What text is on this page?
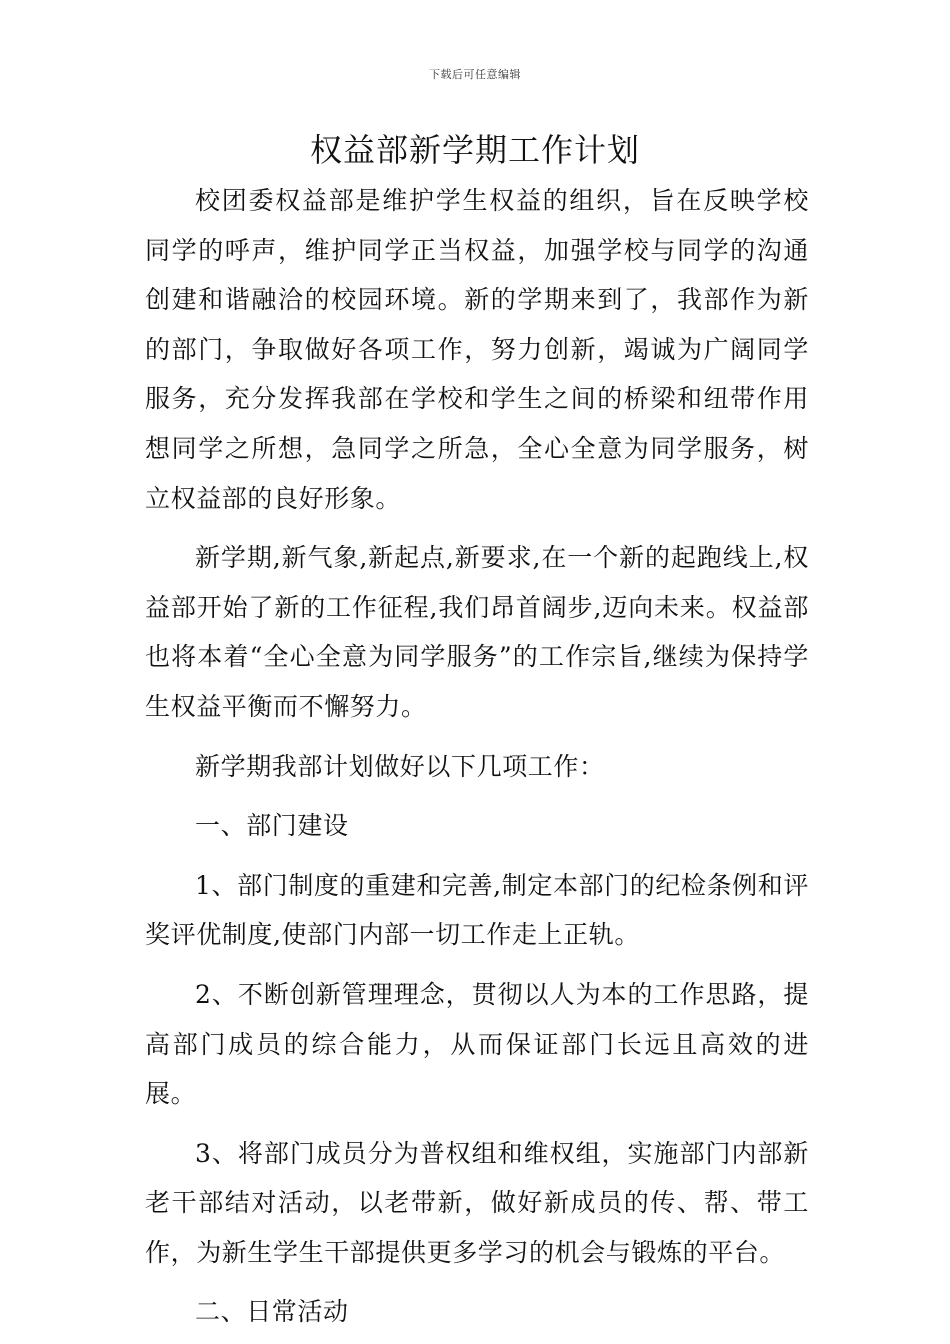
下载后可任意编辑
权益部新学期工作计划

校团委权益部是维护学生权益的组织，旨在反映学校同学的呼声，维护同学正当权益，加强学校与同学的沟通创建和谐融洽的校园环境。新的学期来到了，我部作为新的部门，争取做好各项工作，努力创新，竭诚为广阔同学服务，充分发挥我部在学校和学生之间的桥梁和纽带作用想同学之所想，急同学之所急，全心全意为同学服务，树立权益部的良好形象。

新学期,新气象,新起点,新要求,在一个新的起跑线上,权益部开始了新的工作征程,我们昂首阔步,迈向未来。权益部也将本着“全心全意为同学服务”的工作宗旨,继续为保持学生权益平衡而不懈努力。

新学期我部计划做好以下几项工作：

一、部门建设

1、部门制度的重建和完善,制定本部门的纪检条例和评奖评优制度,使部门内部一切工作走上正轨。

2、不断创新管理理念，贯彻以人为本的工作思路，提高部门成员的综合能力，从而保证部门长远且高效的进展。

3、将部门成员分为普权组和维权组，实施部门内部新老干部结对活动，以老带新，做好新成员的传、帮、带工作，为新生学生干部提供更多学习的机会与锻炼的平台。

二、日常活动
